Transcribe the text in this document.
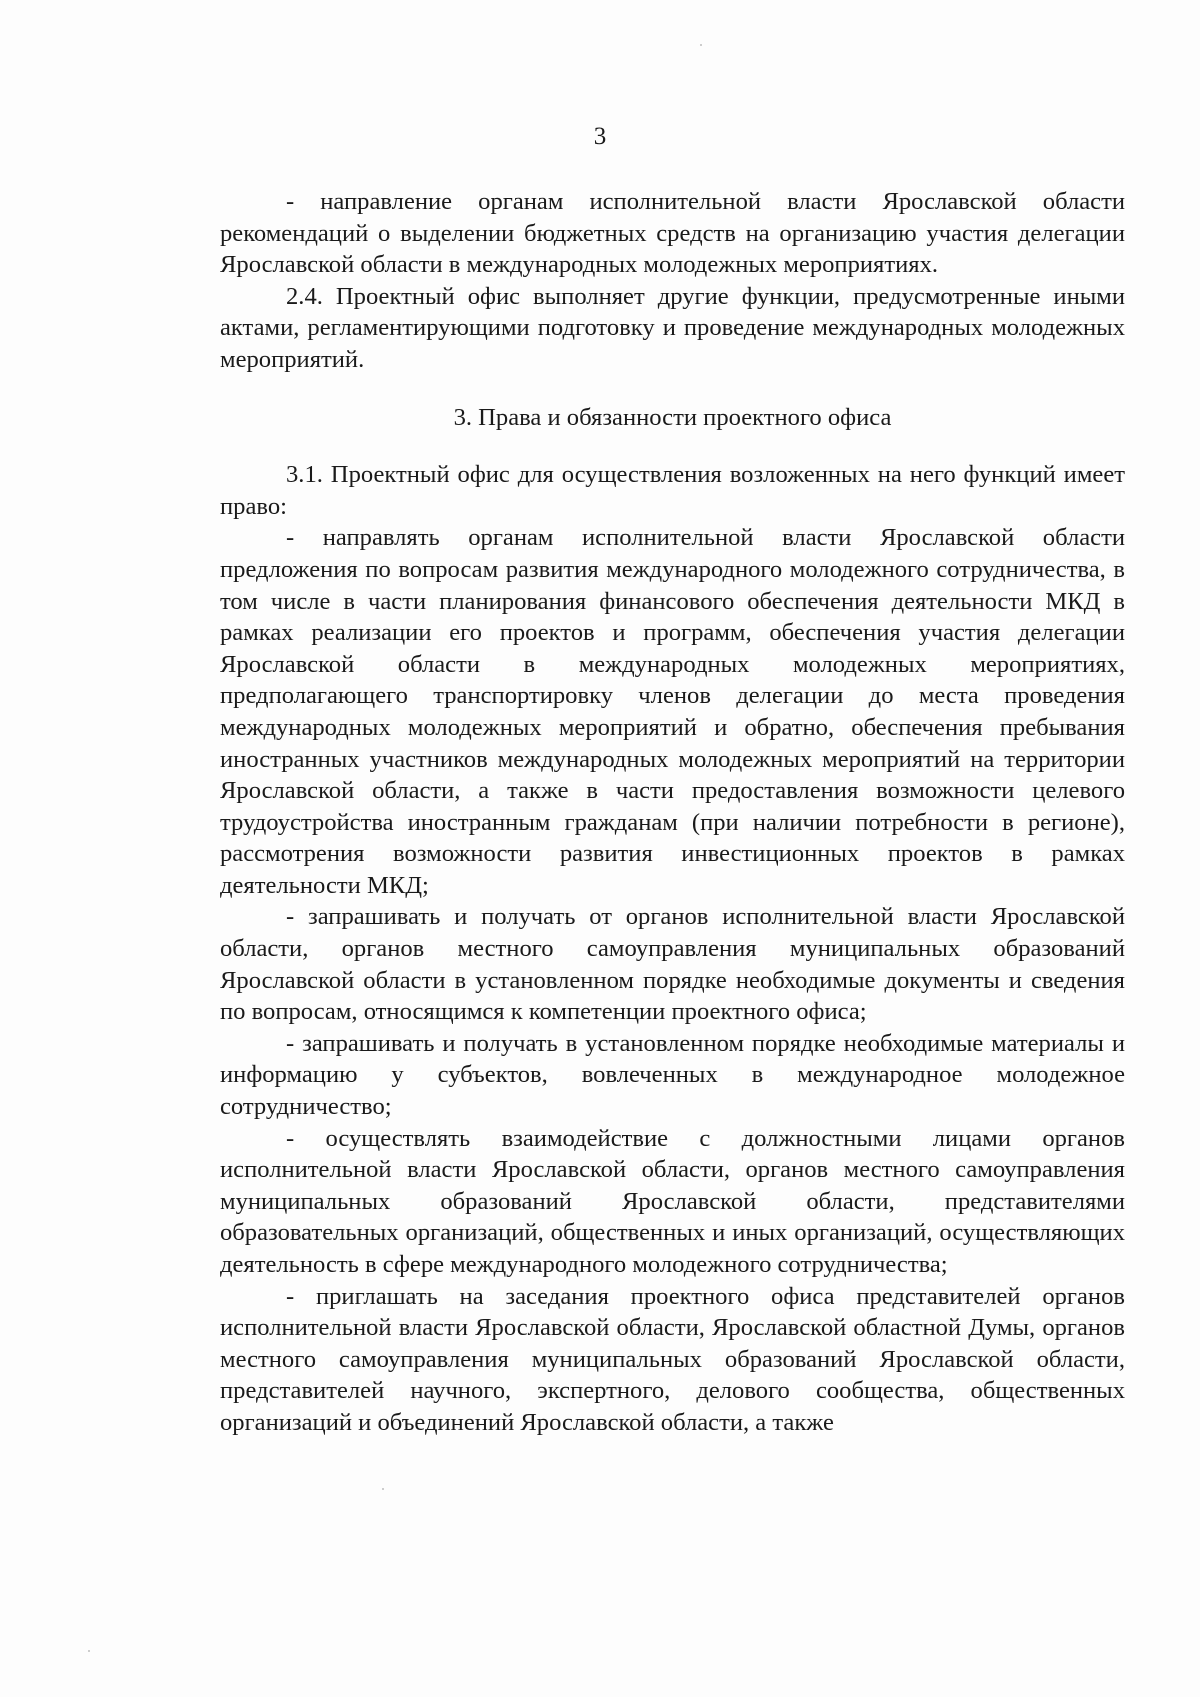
3

- направление органам исполнительной власти Ярославской области рекомендаций о выделении бюджетных средств на организацию участия делегации Ярославской области в международных молодежных мероприятиях.

2.4. Проектный офис выполняет другие функции, предусмотренные иными актами, регламентирующими подготовку и проведение международных молодежных мероприятий.

3. Права и обязанности проектного офиса

3.1. Проектный офис для осуществления возложенных на него функций имеет право:

- направлять органам исполнительной власти Ярославской области предложения по вопросам развития международного молодежного сотрудничества, в том числе в части планирования финансового обеспечения деятельности МКД в рамках реализации его проектов и программ, обеспечения участия делегации Ярославской области в международных молодежных мероприятиях, предполагающего транспортировку членов делегации до места проведения международных молодежных мероприятий и обратно, обеспечения пребывания иностранных участников международных молодежных мероприятий на территории Ярославской области, а также в части предоставления возможности целевого трудоустройства иностранным гражданам (при наличии потребности в регионе), рассмотрения возможности развития инвестиционных проектов в рамках деятельности МКД;

- запрашивать и получать от органов исполнительной власти Ярославской области, органов местного самоуправления муниципальных образований Ярославской области в установленном порядке необходимые документы и сведения по вопросам, относящимся к компетенции проектного офиса;

- запрашивать и получать в установленном порядке необходимые материалы и информацию у субъектов, вовлеченных в международное молодежное сотрудничество;

- осуществлять взаимодействие с должностными лицами органов исполнительной власти Ярославской области, органов местного самоуправления муниципальных образований Ярославской области, представителями образовательных организаций, общественных и иных организаций, осуществляющих деятельность в сфере международного молодежного сотрудничества;

- приглашать на заседания проектного офиса представителей органов исполнительной власти Ярославской области, Ярославской областной Думы, органов местного самоуправления муниципальных образований Ярославской области, представителей научного, экспертного, делового сообщества, общественных организаций и объединений Ярославской области, а также
